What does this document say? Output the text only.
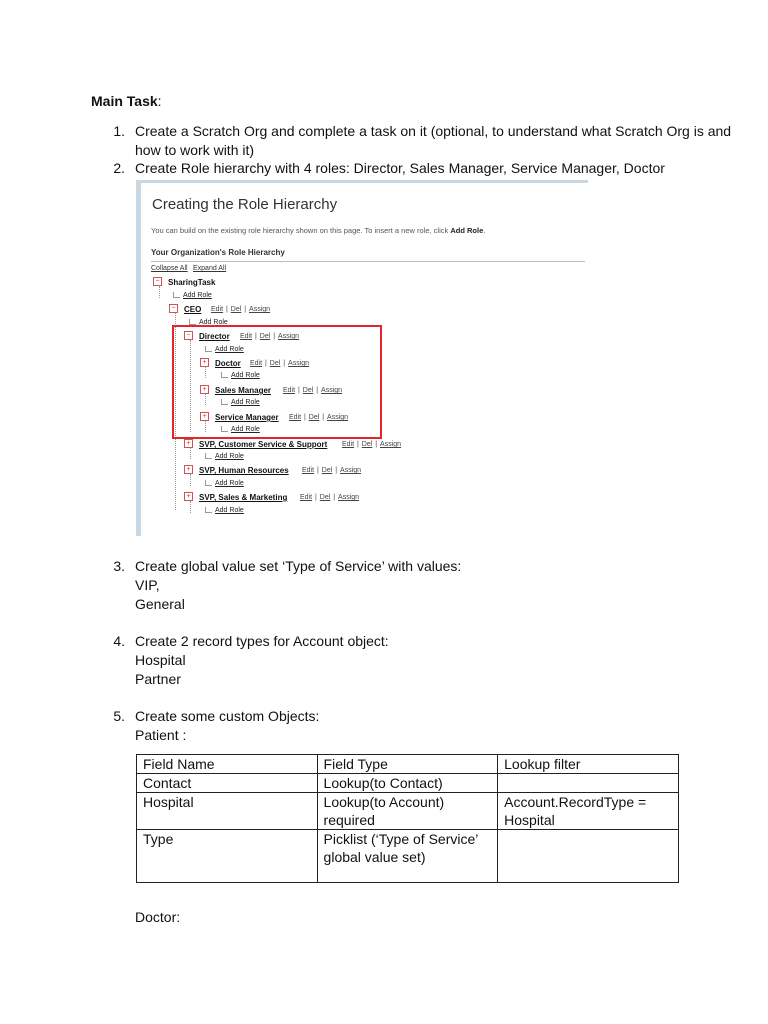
Main Task:
1. Create a Scratch Org and complete a task on it (optional, to understand what Scratch Org is and
how to work with it)
2. Create Role hierarchy with 4 roles: Director, Sales Manager, Service Manager, Doctor
Creating the Role Hierarchy
You can build on the existing role hierarchy shown on this page. To insert a new role, click Add Role.
Your Organization's Role Hierarchy
Collapse All Expand All
−	SharingTask
Add Role
−	CEO Edit | Del | Assign
Add Role
−	Director Edit | Del | Assign
Add Role
+	Doctor Edit | Del | Assign
Add Role
+	Sales Manager Edit | Del | Assign
Add Role
+	Service Manager Edit | Del | Assign
Add Role
+	SVP, Customer Service & Support Edit | Del | Assign
Add Role
+	SVP, Human Resources Edit | Del | Assign
Add Role
+	SVP, Sales & Marketing Edit | Del | Assign
Add Role
3. Create global value set ‘Type of Service’ with values:
VIP,
General
4. Create 2 record types for Account object:
Hospital
Partner
5. Create some custom Objects:
Patient :
Field Name	Field Type	Lookup filter
Contact	Lookup(to Contact)	
Hospital	Lookup(to Account) required	Account.RecordType =
Hospital
Type	Picklist (‘Type of Service’
global value set)	
Doctor:
